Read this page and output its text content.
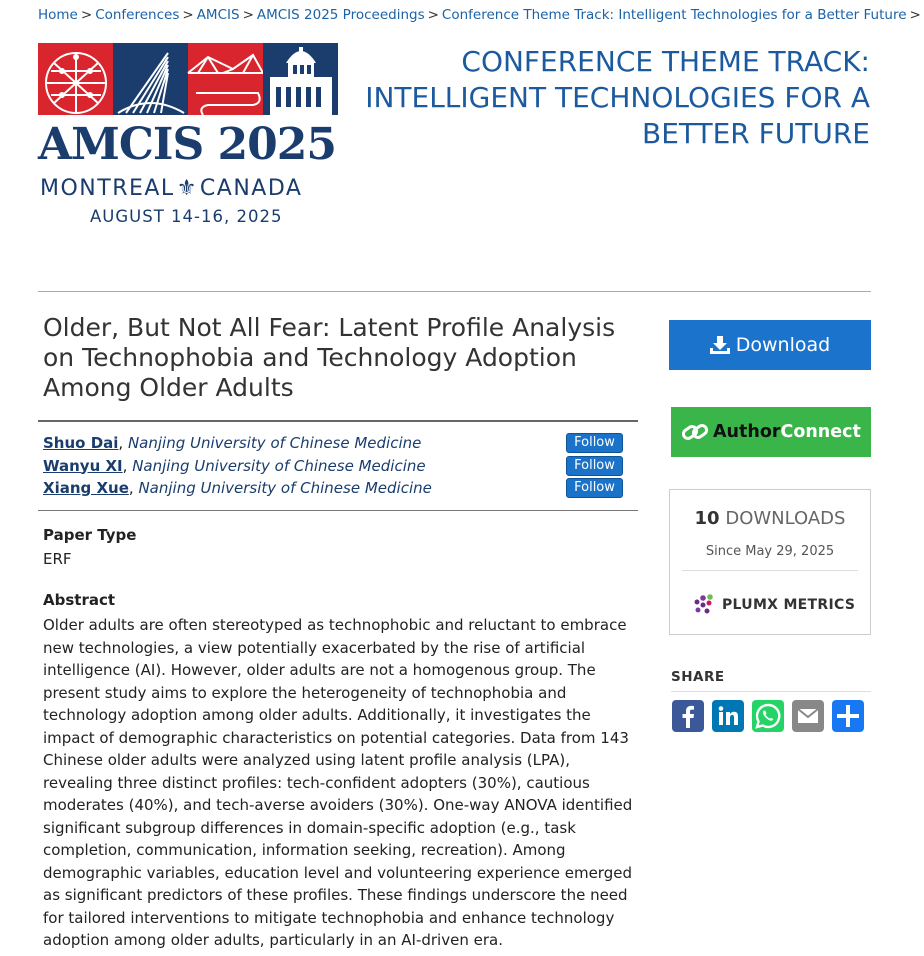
Home > Conferences > AMCIS > AMCIS 2025 Proceedings > Conference Theme Track: Intelligent Technologies for a Better Future >
AMCIS 2025
MONTREAL⚜CANADA
AUGUST 14-16, 2025
CONFERENCE THEME TRACK: INTELLIGENT TECHNOLOGIES FOR A BETTER FUTURE
Older, But Not All Fear: Latent Profile Analysis on Technophobia and Technology Adoption Among Older Adults
Shuo Dai, Nanjing University of Chinese Medicine	Follow
Wanyu XI, Nanjing University of Chinese Medicine	Follow
Xiang Xue, Nanjing University of Chinese Medicine	Follow
Paper Type
ERF
Abstract

Older adults are often stereotyped as technophobic and reluctant to embrace new technologies, a view potentially exacerbated by the rise of artificial intelligence (AI). However, older adults are not a homogenous group. The present study aims to explore the heterogeneity of technophobia and technology adoption among older adults. Additionally, it investigates the impact of demographic characteristics on potential categories. Data from 143 Chinese older adults were analyzed using latent profile analysis (LPA), revealing three distinct profiles: tech-confident adopters (30%), cautious moderates (40%), and tech-averse avoiders (30%). One-way ANOVA identified significant subgroup differences in domain-specific adoption (e.g., task completion, communication, information seeking, recreation). Among demographic variables, education level and volunteering experience emerged as significant predictors of these profiles. These findings underscore the need for tailored interventions to mitigate technophobia and enhance technology adoption among older adults, particularly in an AI-driven era.

Download
AuthorConnect
10 DOWNLOADS
Since May 29, 2025
PLUMX METRICS
SHARE
